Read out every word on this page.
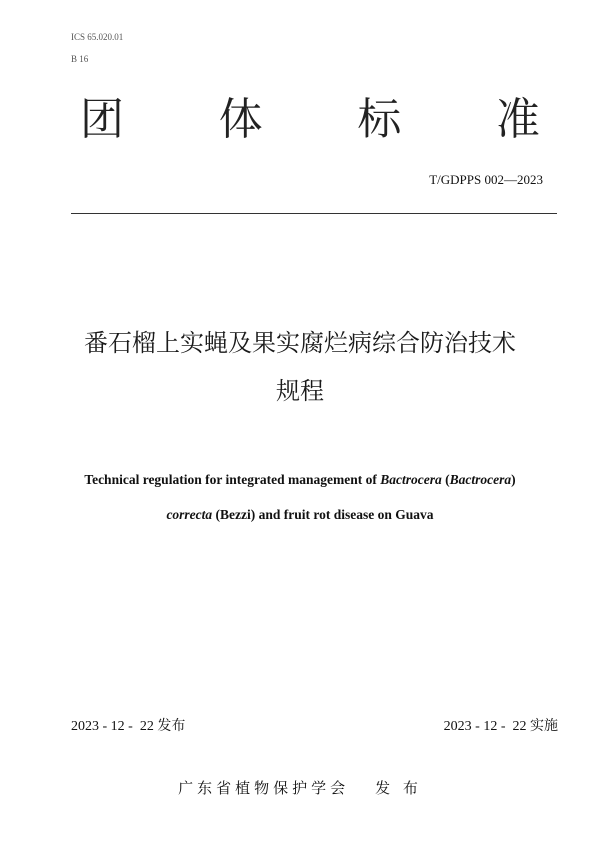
ICS 65.020.01
B 16
团 体 标 准
T/GDPPS 002—2023
番石榴上实蝇及果实腐烂病综合防治技术
规程
Technical regulation for integrated management of Bactrocera (Bactrocera)
correcta (Bezzi) and fruit rot disease on Guava
2023 - 12 -  22 发布	2023 - 12 -  22 实施
广东省植物保护学会 发 布
